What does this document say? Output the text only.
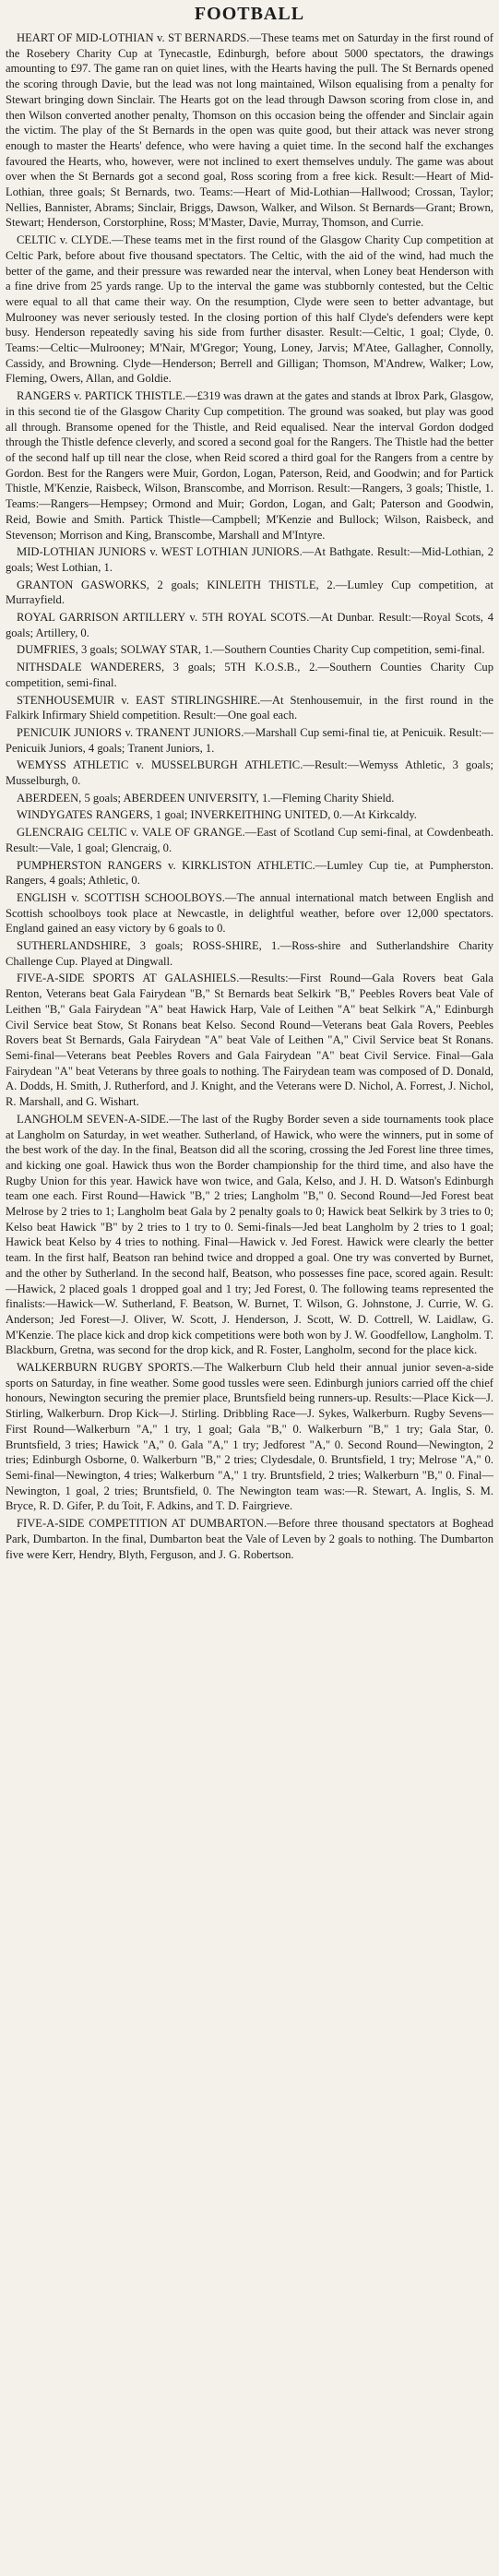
FOOTBALL

HEART OF MID-LOTHIAN v. ST BERNARDS.—These teams met on Saturday in the first round of the Rosebery Charity Cup at Tynecastle, Edinburgh, before about 5000 spectators, the drawings amounting to £97. The game ran on quiet lines, with the Hearts having the pull. The St Bernards opened the scoring through Davie, but the lead was not long maintained, Wilson equalising from a penalty for Stewart bringing down Sinclair. The Hearts got on the lead through Dawson scoring from close in, and then Wilson converted another penalty, Thomson on this occasion being the offender and Sinclair again the victim. The play of the St Bernards in the open was quite good, but their attack was never strong enough to master the Hearts' defence, who were having a quiet time. In the second half the exchanges favoured the Hearts, who, however, were not inclined to exert themselves unduly. The game was about over when the St Bernards got a second goal, Ross scoring from a free kick. Result:—Heart of Mid-Lothian, three goals; St Bernards, two. Teams:—Heart of Mid-Lothian—Hallwood; Crossan, Taylor; Nellies, Bannister, Abrams; Sinclair, Briggs, Dawson, Walker, and Wilson. St Bernards—Grant; Brown, Stewart; Henderson, Corstorphine, Ross; M'Master, Davie, Murray, Thomson, and Currie.

CELTIC v. CLYDE.—These teams met in the first round of the Glasgow Charity Cup competition at Celtic Park, before about five thousand spectators. The Celtic, with the aid of the wind, had much the better of the game, and their pressure was rewarded near the interval, when Loney beat Henderson with a fine drive from 25 yards range. Up to the interval the game was stubbornly contested, but the Celtic were equal to all that came their way. On the resumption, Clyde were seen to better advantage, but Mulrooney was never seriously tested. In the closing portion of this half Clyde's defenders were kept busy. Henderson repeatedly saving his side from further disaster. Result:—Celtic, 1 goal; Clyde, 0. Teams:—Celtic—Mulrooney; M'Nair, M'Gregor; Young, Loney, Jarvis; M'Atee, Gallagher, Connolly, Cassidy, and Browning. Clyde—Henderson; Berrell and Gilligan; Thomson, M'Andrew, Walker; Low, Fleming, Owers, Allan, and Goldie.

RANGERS v. PARTICK THISTLE.—£319 was drawn at the gates and stands at Ibrox Park, Glasgow, in this second tie of the Glasgow Charity Cup competition. The ground was soaked, but play was good all through. Bransome opened for the Thistle, and Reid equalised. Near the interval Gordon dodged through the Thistle defence cleverly, and scored a second goal for the Rangers. The Thistle had the better of the second half up till near the close, when Reid scored a third goal for the Rangers from a centre by Gordon. Best for the Rangers were Muir, Gordon, Logan, Paterson, Reid, and Goodwin; and for Partick Thistle, M'Kenzie, Raisbeck, Wilson, Branscombe, and Morrison. Result:—Rangers, 3 goals; Thistle, 1. Teams:—Rangers—Hempsey; Ormond and Muir; Gordon, Logan, and Galt; Paterson and Goodwin, Reid, Bowie and Smith. Partick Thistle—Campbell; M'Kenzie and Bullock; Wilson, Raisbeck, and Stevenson; Morrison and King, Branscombe, Marshall and M'Intyre.

MID-LOTHIAN JUNIORS v. WEST LOTHIAN JUNIORS.—At Bathgate. Result:—Mid-Lothian, 2 goals; West Lothian, 1.

GRANTON GASWORKS, 2 goals; KINLEITH THISTLE, 2.—Lumley Cup competition, at Murrayfield.

ROYAL GARRISON ARTILLERY v. 5TH ROYAL SCOTS.—At Dunbar. Result:—Royal Scots, 4 goals; Artillery, 0.

DUMFRIES, 3 goals; SOLWAY STAR, 1.—Southern Counties Charity Cup competition, semi-final.

NITHSDALE WANDERERS, 3 goals; 5TH K.O.S.B., 2.—Southern Counties Charity Cup competition, semi-final.

STENHOUSEMUIR v. EAST STIRLINGSHIRE.—At Stenhousemuir, in the first round in the Falkirk Infirmary Shield competition. Result:—One goal each.

PENICUIK JUNIORS v. TRANENT JUNIORS.—Marshall Cup semi-final tie, at Penicuik. Result:—Penicuik Juniors, 4 goals; Tranent Juniors, 1.

WEMYSS ATHLETIC v. MUSSELBURGH ATHLETIC.—Result:—Wemyss Athletic, 3 goals; Musselburgh, 0.

ABERDEEN, 5 goals; ABERDEEN UNIVERSITY, 1.—Fleming Charity Shield.

WINDYGATES RANGERS, 1 goal; INVERKEITHING UNITED, 0.—At Kirkcaldy.

GLENCRAIG CELTIC v. VALE OF GRANGE.—East of Scotland Cup semi-final, at Cowdenbeath. Result:—Vale, 1 goal; Glencraig, 0.

PUMPHERSTON RANGERS v. KIRKLISTON ATHLETIC.—Lumley Cup tie, at Pumpherston. Rangers, 4 goals; Athletic, 0.

ENGLISH v. SCOTTISH SCHOOLBOYS.—The annual international match between English and Scottish schoolboys took place at Newcastle, in delightful weather, before over 12,000 spectators. England gained an easy victory by 6 goals to 0.

SUTHERLANDSHIRE, 3 goals; ROSS-SHIRE, 1.—Ross-shire and Sutherlandshire Charity Challenge Cup. Played at Dingwall.

FIVE-A-SIDE SPORTS AT GALASHIELS.—Results:—First Round—Gala Rovers beat Gala Renton, Veterans beat Gala Fairydean "B," St Bernards beat Selkirk "B," Peebles Rovers beat Vale of Leithen "B," Gala Fairydean "A" beat Hawick Harp, Vale of Leithen "A" beat Selkirk "A," Edinburgh Civil Service beat Stow, St Ronans beat Kelso. Second Round—Veterans beat Gala Rovers, Peebles Rovers beat St Bernards, Gala Fairydean "A" beat Vale of Leithen "A," Civil Service beat St Ronans. Semi-final—Veterans beat Peebles Rovers and Gala Fairydean "A" beat Civil Service. Final—Gala Fairydean "A" beat Veterans by three goals to nothing. The Fairydean team was composed of D. Donald, A. Dodds, H. Smith, J. Rutherford, and J. Knight, and the Veterans were D. Nichol, A. Forrest, J. Nichol, R. Marshall, and G. Wishart.

LANGHOLM SEVEN-A-SIDE.—The last of the Rugby Border seven a side tournaments took place at Langholm on Saturday, in wet weather. Sutherland, of Hawick, who were the winners, put in some of the best work of the day. In the final, Beatson did all the scoring, crossing the Jed Forest line three times, and kicking one goal. Hawick thus won the Border championship for the third time, and also have the Rugby Union for this year. Hawick have won twice, and Gala, Kelso, and J. H. D. Watson's Edinburgh team one each. First Round—Hawick "B," 2 tries; Langholm "B," 0. Second Round—Jed Forest beat Melrose by 2 tries to 1; Langholm beat Gala by 2 penalty goals to 0; Hawick beat Selkirk by 3 tries to 0; Kelso beat Hawick "B" by 2 tries to 1 try to 0. Semi-finals—Jed beat Langholm by 2 tries to 1 goal; Hawick beat Kelso by 4 tries to nothing. Final—Hawick v. Jed Forest. Hawick were clearly the better team. In the first half, Beatson ran behind twice and dropped a goal. One try was converted by Burnet, and the other by Sutherland. In the second half, Beatson, who possesses fine pace, scored again. Result:—Hawick, 2 placed goals 1 dropped goal and 1 try; Jed Forest, 0. The following teams represented the finalists:—Hawick—W. Sutherland, F. Beatson, W. Burnet, T. Wilson, G. Johnstone, J. Currie, W. G. Anderson; Jed Forest—J. Oliver, W. Scott, J. Henderson, J. Scott, W. D. Cottrell, W. Laidlaw, G. M'Kenzie. The place kick and drop kick competitions were both won by J. W. Goodfellow, Langholm. T. Blackburn, Gretna, was second for the drop kick, and R. Foster, Langholm, second for the place kick.

WALKERBURN RUGBY SPORTS.—The Walkerburn Club held their annual junior seven-a-side sports on Saturday, in fine weather. Some good tussles were seen. Edinburgh juniors carried off the chief honours, Newington securing the premier place, Bruntsfield being runners-up. Results:—Place Kick—J. Stirling, Walkerburn. Drop Kick—J. Stirling. Dribbling Race—J. Sykes, Walkerburn. Rugby Sevens—First Round—Walkerburn "A," 1 try, 1 goal; Gala "B," 0. Walkerburn "B," 1 try; Gala Star, 0. Bruntsfield, 3 tries; Hawick "A," 0. Gala "A," 1 try; Jedforest "A," 0. Second Round—Newington, 2 tries; Edinburgh Osborne, 0. Walkerburn "B," 2 tries; Clydesdale, 0. Bruntsfield, 1 try; Melrose "A," 0. Semi-final—Newington, 4 tries; Walkerburn "A," 1 try. Bruntsfield, 2 tries; Walkerburn "B," 0. Final—Newington, 1 goal, 2 tries; Bruntsfield, 0. The Newington team was:—R. Stewart, A. Inglis, S. M. Bryce, R. D. Gifer, P. du Toit, F. Adkins, and T. D. Fairgrieve.

FIVE-A-SIDE COMPETITION AT DUMBARTON.—Before three thousand spectators at Boghead Park, Dumbarton. In the final, Dumbarton beat the Vale of Leven by 2 goals to nothing. The Dumbarton five were Kerr, Hendry, Blyth, Ferguson, and J. G. Robertson.
